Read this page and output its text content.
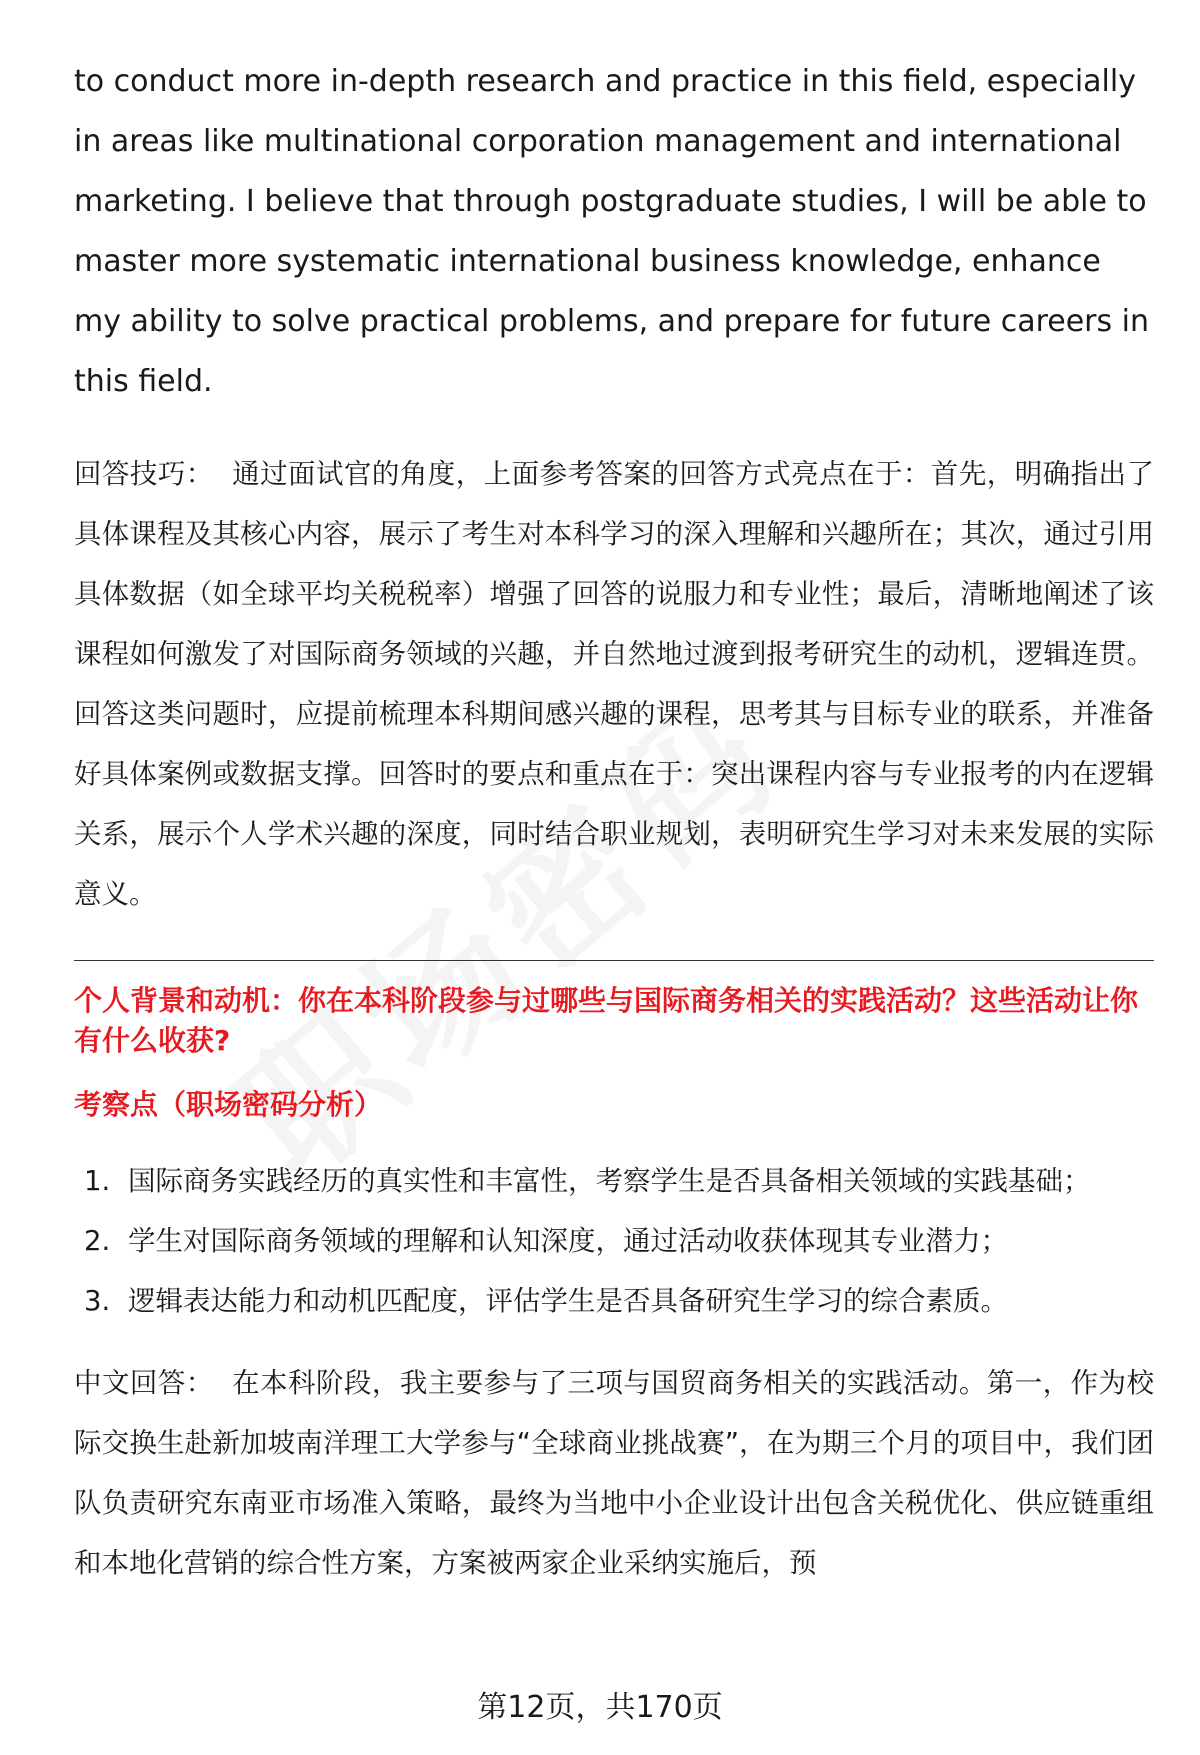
to conduct more in-depth research and practice in this field, especially in areas like multinational corporation management and international marketing. I believe that through postgraduate studies, I will be able to master more systematic international business knowledge, enhance my ability to solve practical problems, and prepare for future careers in this field.

回答技巧： 通过面试官的角度，上面参考答案的回答方式亮点在于：首先，明确指出了具体课程及其核心内容，展示了考生对本科学习的深入理解和兴趣所在；其次，通过引用具体数据（如全球平均关税税率）增强了回答的说服力和专业性；最后，清晰地阐述了该课程如何激发了对国际商务领域的兴趣，并自然地过渡到报考研究生的动机，逻辑连贯。回答这类问题时，应提前梳理本科期间感兴趣的课程，思考其与目标专业的联系，并准备好具体案例或数据支撑。回答时的要点和重点在于：突出课程内容与专业报考的内在逻辑关系，展示个人学术兴趣的深度，同时结合职业规划，表明研究生学习对未来发展的实际意义。

个人背景和动机：你在本科阶段参与过哪些与国际商务相关的实践活动？这些活动让你有什么收获?

考察点（职场密码分析）

1. 国际商务实践经历的真实性和丰富性，考察学生是否具备相关领域的实践基础；
2. 学生对国际商务领域的理解和认知深度，通过活动收获体现其专业潜力；
3. 逻辑表达能力和动机匹配度，评估学生是否具备研究生学习的综合素质。

中文回答： 在本科阶段，我主要参与了三项与国贸商务相关的实践活动。第一，作为校际交换生赴新加坡南洋理工大学参与“全球商业挑战赛”，在为期三个月的项目中，我们团队负责研究东南亚市场准入策略，最终为当地中小企业设计出包含关税优化、供应链重组和本地化营销的综合性方案，方案被两家企业采纳实施后，预

第12页，共170页
